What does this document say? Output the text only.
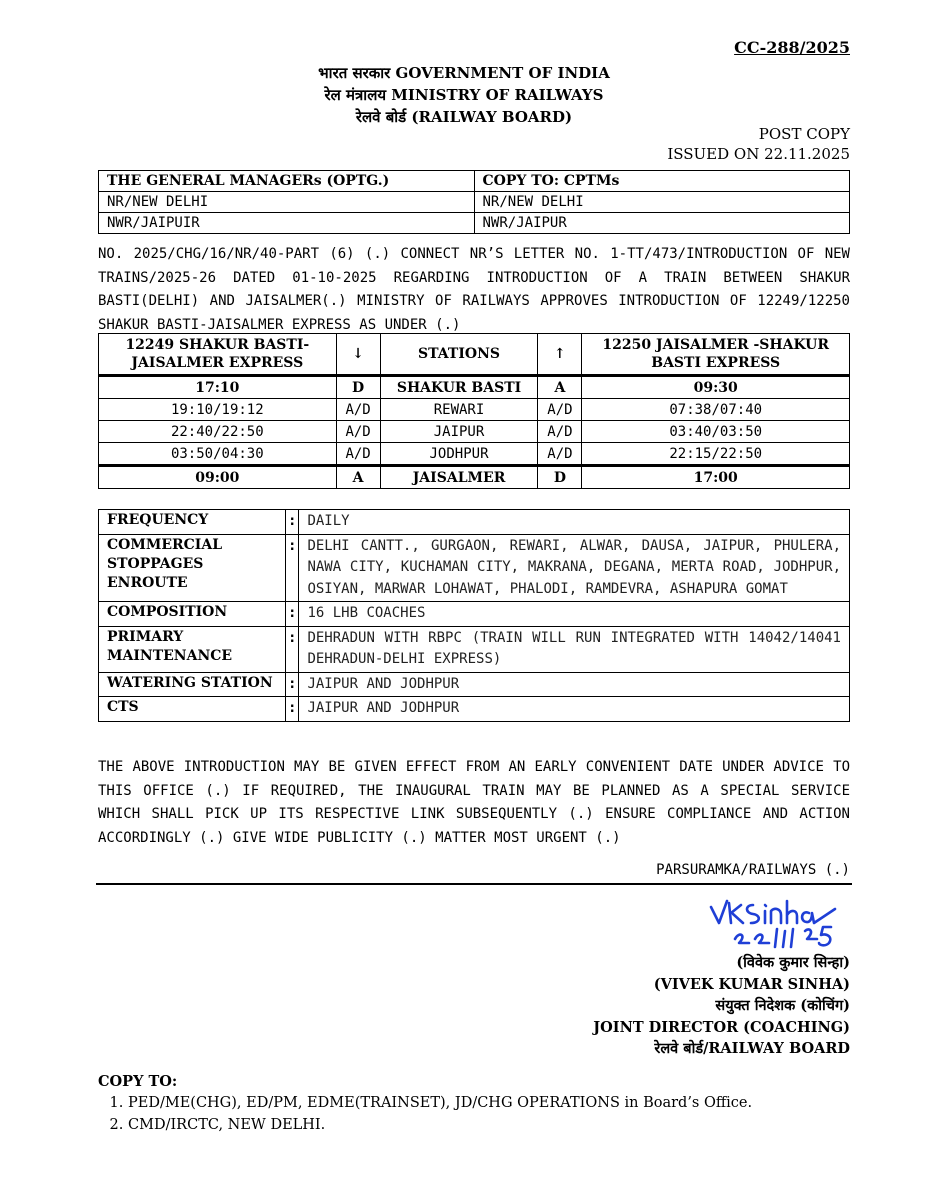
CC-288/2025
भारत सरकार GOVERNMENT OF INDIA
रेल मंत्रालय MINISTRY OF RAILWAYS
रेलवे बोर्ड (RAILWAY BOARD)
POST COPY
ISSUED ON 22.11.2025
THE GENERAL MANAGERs (OPTG.)	COPY TO: CPTMs
NR/NEW DELHI	NR/NEW DELHI
NWR/JAIPUIR	NWR/JAIPUR
NO. 2025/CHG/16/NR/40-PART (6) (.) CONNECT NR’S LETTER NO. 1-TT/473/INTRODUCTION OF NEW TRAINS/2025-26 DATED 01-10-2025 REGARDING INTRODUCTION OF A TRAIN BETWEEN SHAKUR BASTI(DELHI) AND JAISALMER(.) MINISTRY OF RAILWAYS APPROVES INTRODUCTION OF 12249/12250 SHAKUR BASTI-JAISALMER EXPRESS AS UNDER (.)
12249 SHAKUR BASTI-JAISALMER EXPRESS	↓	STATIONS	↑	12250 JAISALMER -SHAKUR BASTI EXPRESS
17:10	D	SHAKUR BASTI	A	09:30
19:10/19:12	A/D	REWARI	A/D	07:38/07:40
22:40/22:50	A/D	JAIPUR	A/D	03:40/03:50
03:50/04:30	A/D	JODHPUR	A/D	22:15/22:50
09:00	A	JAISALMER	D	17:00
FREQUENCY	:	DAILY
COMMERCIAL STOPPAGES ENROUTE	:	DELHI CANTT., GURGAON, REWARI, ALWAR, DAUSA, JAIPUR, PHULERA, NAWA CITY, KUCHAMAN CITY, MAKRANA, DEGANA, MERTA ROAD, JODHPUR, OSIYAN, MARWAR LOHAWAT, PHALODI, RAMDEVRA, ASHAPURA GOMAT
COMPOSITION	:	16 LHB COACHES
PRIMARY MAINTENANCE	:	DEHRADUN WITH RBPC (TRAIN WILL RUN INTEGRATED WITH 14042/14041 DEHRADUN-DELHI EXPRESS)
WATERING STATION	:	JAIPUR AND JODHPUR
CTS	:	JAIPUR AND JODHPUR
THE ABOVE INTRODUCTION MAY BE GIVEN EFFECT FROM AN EARLY CONVENIENT DATE UNDER ADVICE TO THIS OFFICE (.) IF REQUIRED, THE INAUGURAL TRAIN MAY BE PLANNED AS A SPECIAL SERVICE WHICH SHALL PICK UP ITS RESPECTIVE LINK SUBSEQUENTLY (.) ENSURE COMPLIANCE AND ACTION ACCORDINGLY (.) GIVE WIDE PUBLICITY (.) MATTER MOST URGENT (.)
PARSURAMKA/RAILWAYS (.)
(विवेक कुमार सिन्हा)
(VIVEK KUMAR SINHA)
संयुक्त निदेशक (कोचिंग)
JOINT DIRECTOR (COACHING)
रेलवे बोर्ड/RAILWAY BOARD
COPY TO:
1. PED/ME(CHG), ED/PM, EDME(TRAINSET), JD/CHG OPERATIONS in Board’s Office.
2. CMD/IRCTC, NEW DELHI.
